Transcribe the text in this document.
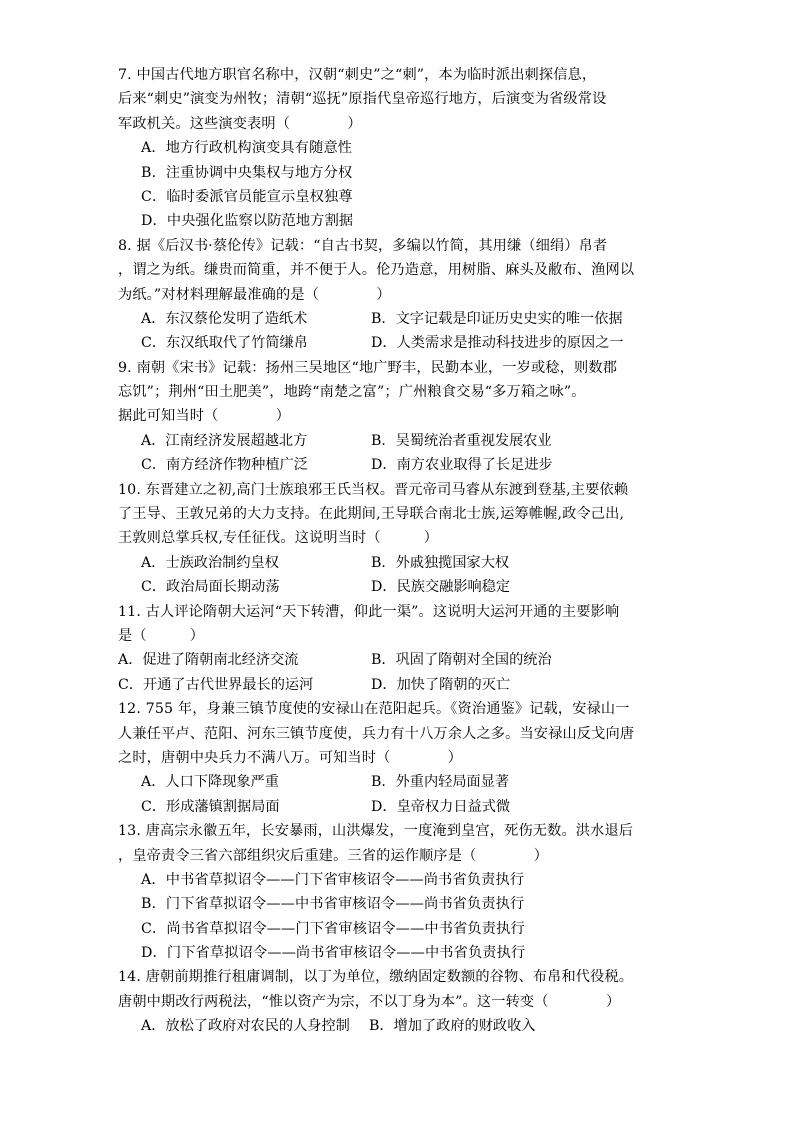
7. 中国古代地方职官名称中，汉朝“刺史”之“刺”，本为临时派出刺探信息，
后来“刺史”演变为州牧；清朝“巡抚”原指代皇帝巡行地方，后演变为省级常设
军政机关。这些演变表明（　　　　）
A．地方行政机构演变具有随意性
B．注重协调中央集权与地方分权
C．临时委派官员能宣示皇权独尊
D．中央强化监察以防范地方割据
8. 据《后汉书·蔡伦传》记载：“自古书契，多编以竹简，其用缣（细绢）帛者
，谓之为纸。缣贵而简重，并不便于人。伦乃造意，用树脂、麻头及敝布、渔网以
为纸。”对材料理解最准确的是（　　　　）
A．东汉蔡伦发明了造纸术	B．文字记载是印证历史史实的唯一依据
C．东汉纸取代了竹简缣帛	D．人类需求是推动科技进步的原因之一
9. 南朝《宋书》记载：扬州三吴地区“地广野丰，民勤本业，一岁或稔，则数郡
忘饥”；荆州“田土肥美”，地跨“南楚之富”；广州粮食交易“多万箱之咏”。
据此可知当时（　　　　）
A．江南经济发展超越北方	B．吴蜀统治者重视发展农业
C．南方经济作物种植广泛	D．南方农业取得了长足进步
10. 东晋建立之初,高门士族琅邪王氏当权。晋元帝司马睿从东渡到登基,主要依赖
了王导、王敦兄弟的大力支持。在此期间,王导联合南北士族,运筹帷幄,政令己出,
王敦则总掌兵权,专任征伐。这说明当时（　　　）
A．士族政治制约皇权	B．外戚独揽国家大权
C．政治局面长期动荡	D．民族交融影响稳定
11. 古人评论隋朝大运河“天下转漕，仰此一渠”。这说明大运河开通的主要影响
是（　　　）
A．促进了隋朝南北经济交流	B．巩固了隋朝对全国的统治
C．开通了古代世界最长的运河	D．加快了隋朝的灭亡
12. 755 年，身兼三镇节度使的安禄山在范阳起兵。《资治通鉴》记载，安禄山一
人兼任平卢、范阳、河东三镇节度使，兵力有十八万余人之多。当安禄山反戈向唐
之时，唐朝中央兵力不满八万。可知当时（　　　　）
A．人口下降现象严重	B．外重内轻局面显著
C．形成藩镇割据局面	D．皇帝权力日益式微
13. 唐高宗永徽五年，长安暴雨，山洪爆发，一度淹到皇宫，死伤无数。洪水退后
，皇帝责令三省六部组织灾后重建。三省的运作顺序是（　　　　）
A．中书省草拟诏令——门下省审核诏令——尚书省负责执行
B．门下省草拟诏令——中书省审核诏令——尚书省负责执行
C．尚书省草拟诏令——门下省审核诏令——中书省负责执行
D．门下省草拟诏令——尚书省审核诏令——中书省负责执行
14. 唐朝前期推行租庸调制，以丁为单位，缴纳固定数额的谷物、布帛和代役税。
唐朝中期改行两税法，“惟以资产为宗，不以丁身为本”。这一转变（　　　　）
A．放松了政府对农民的人身控制	B．增加了政府的财政收入
